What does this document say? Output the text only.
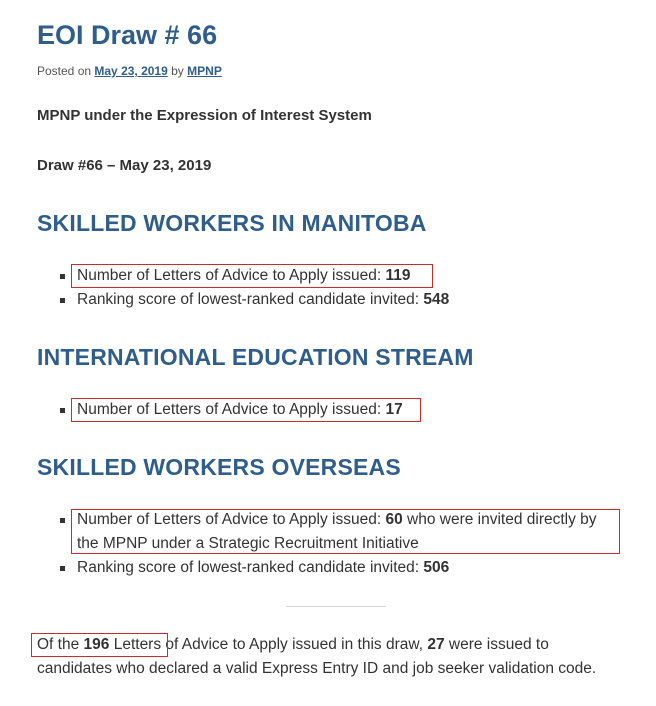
EOI Draw # 66
Posted on May 23, 2019 by MPNP
MPNP under the Expression of Interest System
Draw #66 – May 23, 2019
SKILLED WORKERS IN MANITOBA
Number of Letters of Advice to Apply issued: 119
Ranking score of lowest-ranked candidate invited: 548
INTERNATIONAL EDUCATION STREAM
Number of Letters of Advice to Apply issued: 17
SKILLED WORKERS OVERSEAS
Number of Letters of Advice to Apply issued: 60 who were invited directly by
the MPNP under a Strategic Recruitment Initiative
Ranking score of lowest-ranked candidate invited: 506
Of the 196 Letters of Advice to Apply issued in this draw, 27 were issued to
candidates who declared a valid Express Entry ID and job seeker validation code.
